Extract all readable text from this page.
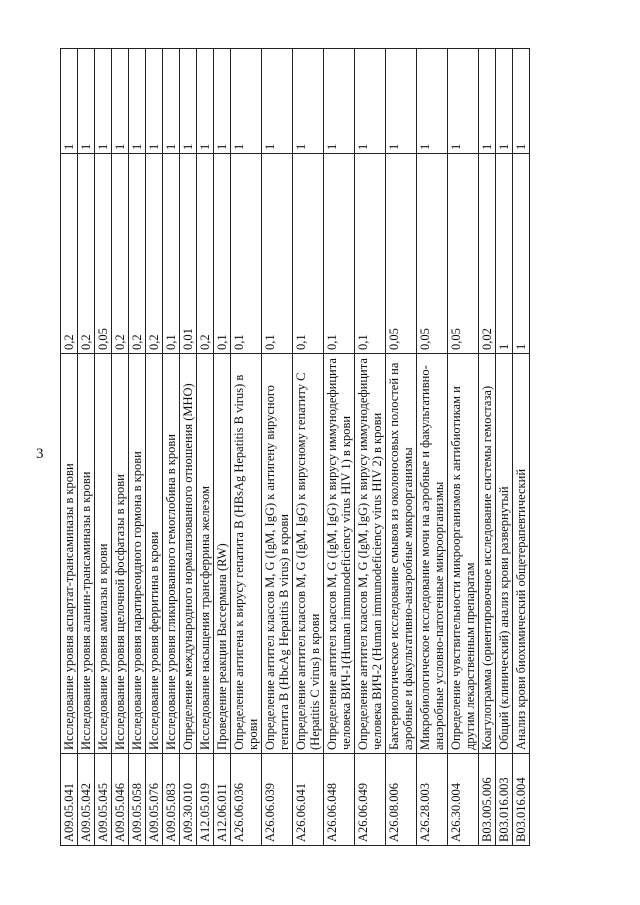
3
A09.05.041	Исследование уровня аспартат-трансаминазы в крови	0,2	1
A09.05.042	Исследование уровня аланин-трансаминазы в крови	0,2	1
A09.05.045	Исследование уровня амилазы в крови	0,05	1
A09.05.046	Исследование уровня щелочной фосфатазы в крови	0,2	1
A09.05.058	Исследование уровня паратиреоидного гормона в крови	0,2	1
A09.05.076	Исследование уровня ферритина в крови	0,2	1
A09.05.083	Исследование уровня гликированного гемоглобина в крови	0,1	1
A09.30.010	Определение международного нормализованного отношения (МНО)	0,01	1
A12.05.019	Исследование насыщения трансферрина железом	0,2	1
A12.06.011	Проведение реакции Вассермана (RW)	0,1	1
A26.06.036	Определение антигена к вирусу гепатита В (HBsAg Hepatitis B virus) в крови	0,1	1
A26.06.039	Определение антител классов M, G (IgM, IgG) к антигену вирусного гепатита В (HbcAg Hepatitis B virus) в крови	0,1	1
A26.06.041	Определение антител классов M, G (IgM, IgG) к вирусному гепатиту С (Hepatitis C virus) в крови	0,1	1
A26.06.048	Определение антител классов M, G (IgM, IgG) к вирусу иммунодефицита человека ВИЧ-1(Human immunodeficiency virus HIV 1) в крови	0,1	1
A26.06.049	Определение антител классов M, G (IgM, IgG) к вирусу иммунодефицита человека ВИЧ-2 (Human immunodeficiency virus HIV 2) в крови	0,1	1
A26.08.006	Бактериологическое исследование смывов из околоносовых полостей на аэробные и факультативно-анаэробные микроорганизмы	0,05	1
A26.28.003	Микробиологическое исследование мочи на аэробные и факультативно-анаэробные условно-патогенные микроорганизмы	0,05	1
A26.30.004	Определение чувствительности микроорганизмов к антибиотикам и другим лекарственным препаратам	0,05	1
B03.005.006	Коагулограмма (ориентировочное исследование системы гемостаза)	0,02	1
B03.016.003	Общий (клинический) анализ крови развернутый	1	1
B03.016.004	Анализ крови биохимический общетерапевтический	1	1
